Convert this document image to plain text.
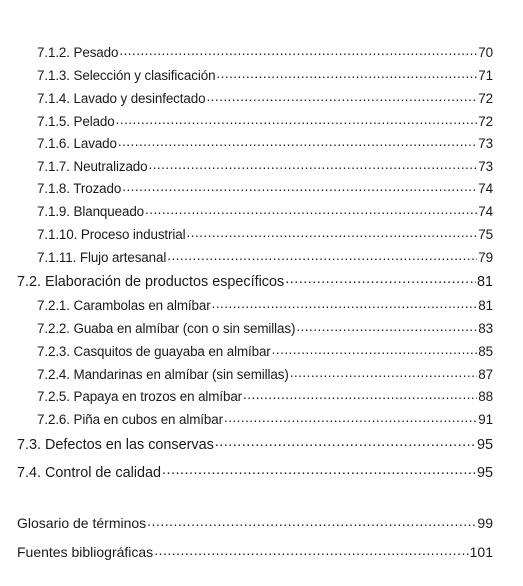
7.1.2. Pesado .....	70
7.1.3. Selección y clasificación .....	71
7.1.4. Lavado y desinfectado .....	72
7.1.5. Pelado .....	72
7.1.6. Lavado .....	73
7.1.7. Neutralizado .....	73
7.1.8. Trozado .....	74
7.1.9. Blanqueado .....	74
7.1.10. Proceso industrial .....	75
7.1.11. Flujo artesanal .....	79
7.2. Elaboración de productos específicos .....	81
7.2.1. Carambolas en almíbar .....	81
7.2.2. Guaba en almíbar (con o sin semillas) .....	83
7.2.3. Casquitos de guayaba en almíbar .....	85
7.2.4. Mandarinas en almíbar (sin semillas) .....	87
7.2.5. Papaya en trozos en almíbar .....	88
7.2.6. Piña en cubos en almíbar .....	91
7.3. Defectos en las conservas .....	95
7.4. Control de calidad .....	95
Glosario de términos .....	99
Fuentes bibliográficas .....	101
